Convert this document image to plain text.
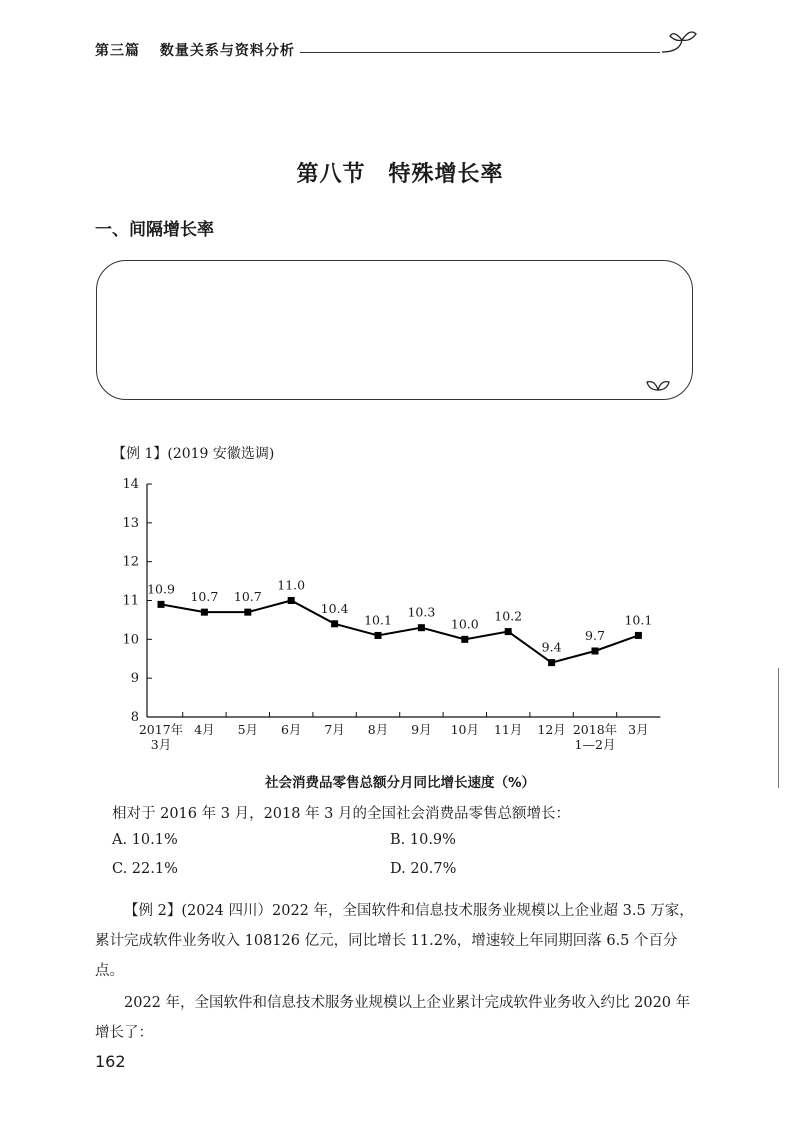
第三篇 数量关系与资料分析
第八节　特殊增长率
一、间隔增长率
【例 1】(2019 安徽选调)
8
9
10
11
12
13
14
2017年
3月
4月 5月 6月 7月 8月 9月 10月 11月 12月 2018年
1—2月
3月
10.9
10.7 10.7
11.0
10.4
10.1
10.3
10.0
10.2
9.4
9.7
10.1
社会消费品零售总额分月同比增长速度（%）
相对于 2016 年 3 月，2018 年 3 月的全国社会消费品零售总额增长：
A. 10.1%	B. 10.9%
C. 22.1%	D. 20.7%
【例 2】(2024 四川）2022 年，全国软件和信息技术服务业规模以上企业超 3.5 万家，累计完成软件业务收入 108126 亿元，同比增长 11.2%，增速较上年同期回落 6.5 个百分点。
2022 年，全国软件和信息技术服务业规模以上企业累计完成软件业务收入约比 2020 年增长了：
162
